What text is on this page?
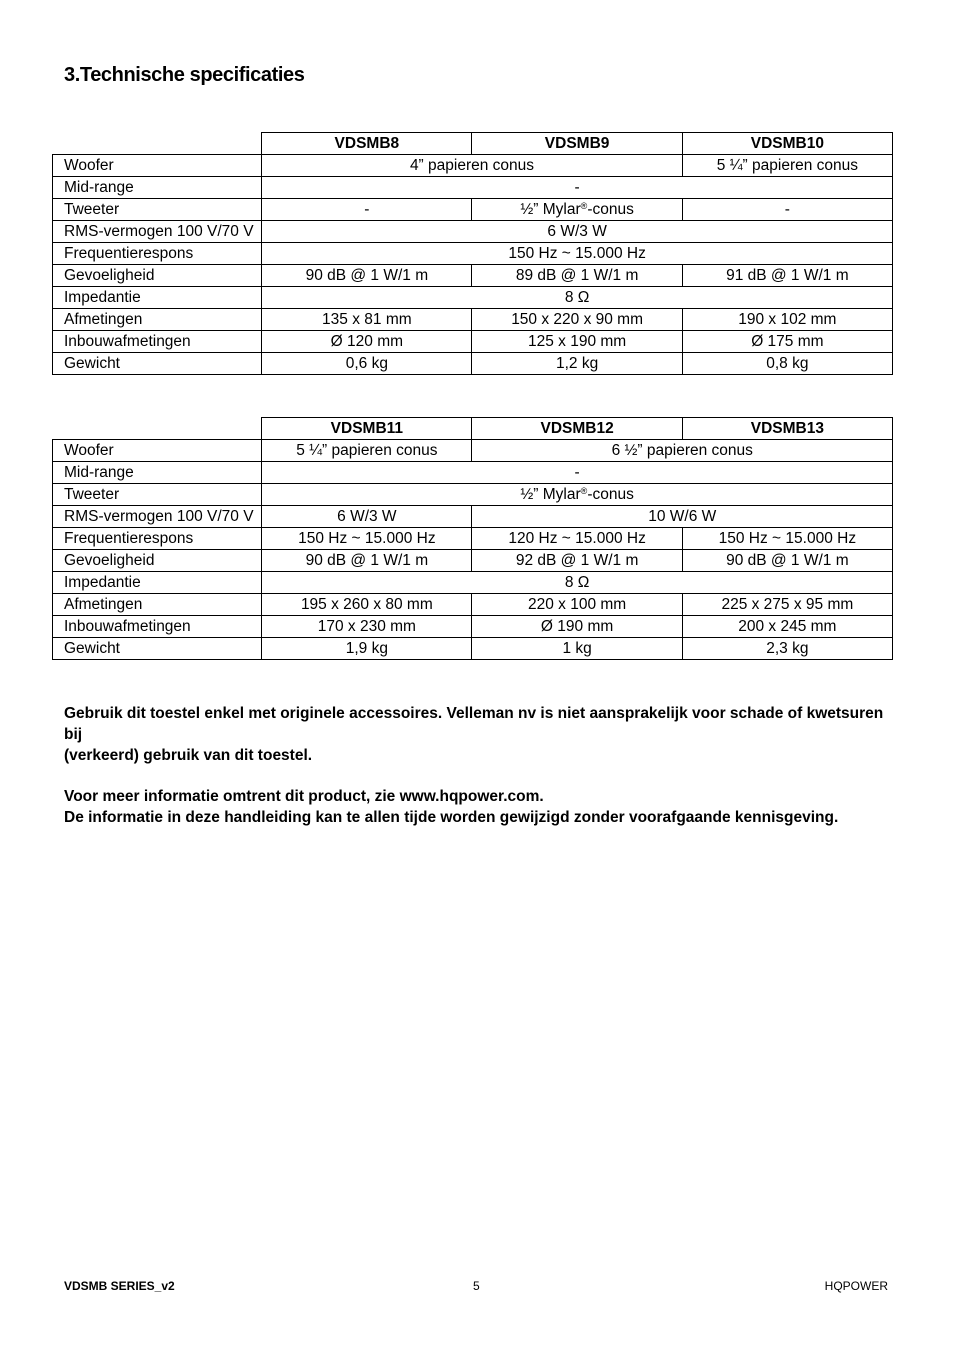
3.Technische specificaties
	VDSMB8	VDSMB9	VDSMB10
Woofer	4” papieren conus		5 ¼” papieren conus
Mid-range	-		
Tweeter	-	½” Mylar®-conus	-
RMS-vermogen 100 V/70 V	6 W/3 W		
Frequentierespons	150 Hz ~ 15.000 Hz		
Gevoeligheid	90 dB @ 1 W/1 m	89 dB @ 1 W/1 m	91 dB @ 1 W/1 m
Impedantie	8 Ω		
Afmetingen	135 x 81 mm	150 x 220 x 90 mm	190 x 102 mm
Inbouwafmetingen	Ø 120 mm	125 x 190 mm	Ø 175 mm
Gewicht	0,6 kg	1,2 kg	0,8 kg
	VDSMB11	VDSMB12	VDSMB13
Woofer	5 ¼” papieren conus	6 ½” papieren conus	
Mid-range	-		
Tweeter	½” Mylar®-conus		
RMS-vermogen 100 V/70 V	6 W/3 W	10 W/6 W	
Frequentierespons	150 Hz ~ 15.000 Hz	120 Hz ~ 15.000 Hz	150 Hz ~ 15.000 Hz
Gevoeligheid	90 dB @ 1 W/1 m	92 dB @ 1 W/1 m	90 dB @ 1 W/1 m
Impedantie	8 Ω		
Afmetingen	195 x 260 x 80 mm	220 x 100 mm	225 x 275 x 95 mm
Inbouwafmetingen	170 x 230 mm	Ø 190 mm	200 x 245 mm
Gewicht	1,9 kg	1 kg	2,3 kg
Gebruik dit toestel enkel met originele accessoires. Velleman nv is niet aansprakelijk voor schade of kwetsuren bij
(verkeerd) gebruik van dit toestel.
Voor meer informatie omtrent dit product, zie www.hqpower.com.
De informatie in deze handleiding kan te allen tijde worden gewijzigd zonder voorafgaande kennisgeving.
VDSMB SERIES_v2	5	HQPOWER
